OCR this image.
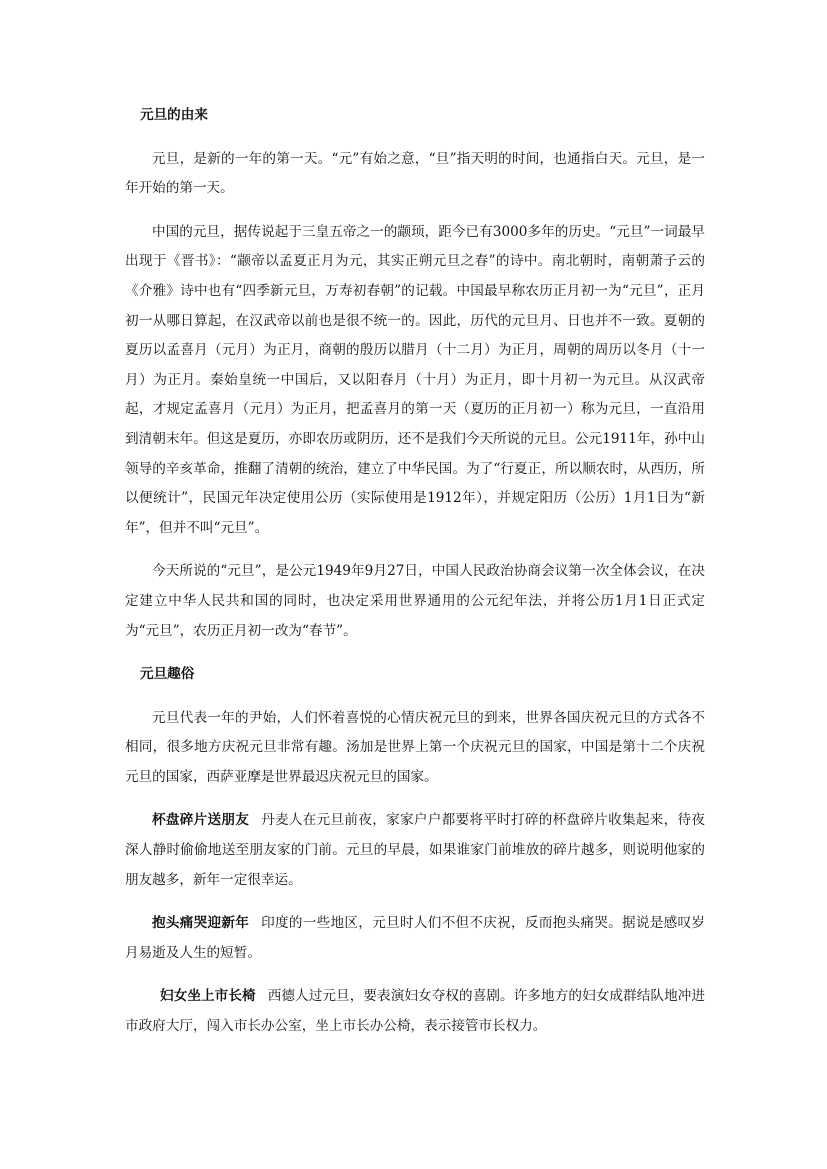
元旦的由来

元旦，是新的一年的第一天。“元”有始之意，“旦”指天明的时间，也通指白天。元旦，是一年开始的第一天。

中国的元旦，据传说起于三皇五帝之一的颛顼，距今已有3000多年的历史。“元旦”一词最早出现于《晋书》：“颛帝以孟夏正月为元，其实正朔元旦之春”的诗中。南北朝时，南朝萧子云的《介雅》诗中也有“四季新元旦，万寿初春朝”的记载。中国最早称农历正月初一为“元旦”，正月初一从哪日算起，在汉武帝以前也是很不统一的。因此，历代的元旦月、日也并不一致。夏朝的夏历以孟喜月（元月）为正月，商朝的殷历以腊月（十二月）为正月，周朝的周历以冬月（十一月）为正月。秦始皇统一中国后，又以阳春月（十月）为正月，即十月初一为元旦。从汉武帝起，才规定孟喜月（元月）为正月，把孟喜月的第一天（夏历的正月初一）称为元旦，一直沿用到清朝末年。但这是夏历，亦即农历或阴历，还不是我们今天所说的元旦。公元1911年，孙中山领导的辛亥革命，推翻了清朝的统治，建立了中华民国。为了“行夏正，所以顺农时，从西历，所以便统计”，民国元年决定使用公历（实际使用是1912年），并规定阳历（公历）1月1日为“新年”，但并不叫“元旦”。

今天所说的“元旦”，是公元1949年9月27日，中国人民政治协商会议第一次全体会议，在决定建立中华人民共和国的同时，也决定采用世界通用的公元纪年法，并将公历1月1日正式定为“元旦”，农历正月初一改为“春节”。

元旦趣俗

元旦代表一年的尹始，人们怀着喜悦的心情庆祝元旦的到来，世界各国庆祝元旦的方式各不相同，很多地方庆祝元旦非常有趣。汤加是世界上第一个庆祝元旦的国家，中国是第十二个庆祝元旦的国家，西萨亚摩是世界最迟庆祝元旦的国家。

杯盘碎片送朋友 丹麦人在元旦前夜，家家户户都要将平时打碎的杯盘碎片收集起来，待夜深人静时偷偷地送至朋友家的门前。元旦的早晨，如果谁家门前堆放的碎片越多，则说明他家的朋友越多，新年一定很幸运。

抱头痛哭迎新年 印度的一些地区，元旦时人们不但不庆祝，反而抱头痛哭。据说是感叹岁月易逝及人生的短暂。

妇女坐上市长椅 西德人过元旦，要表演妇女夺权的喜剧。许多地方的妇女成群结队地冲进市政府大厅，闯入市长办公室，坐上市长办公椅，表示接管市长权力。
